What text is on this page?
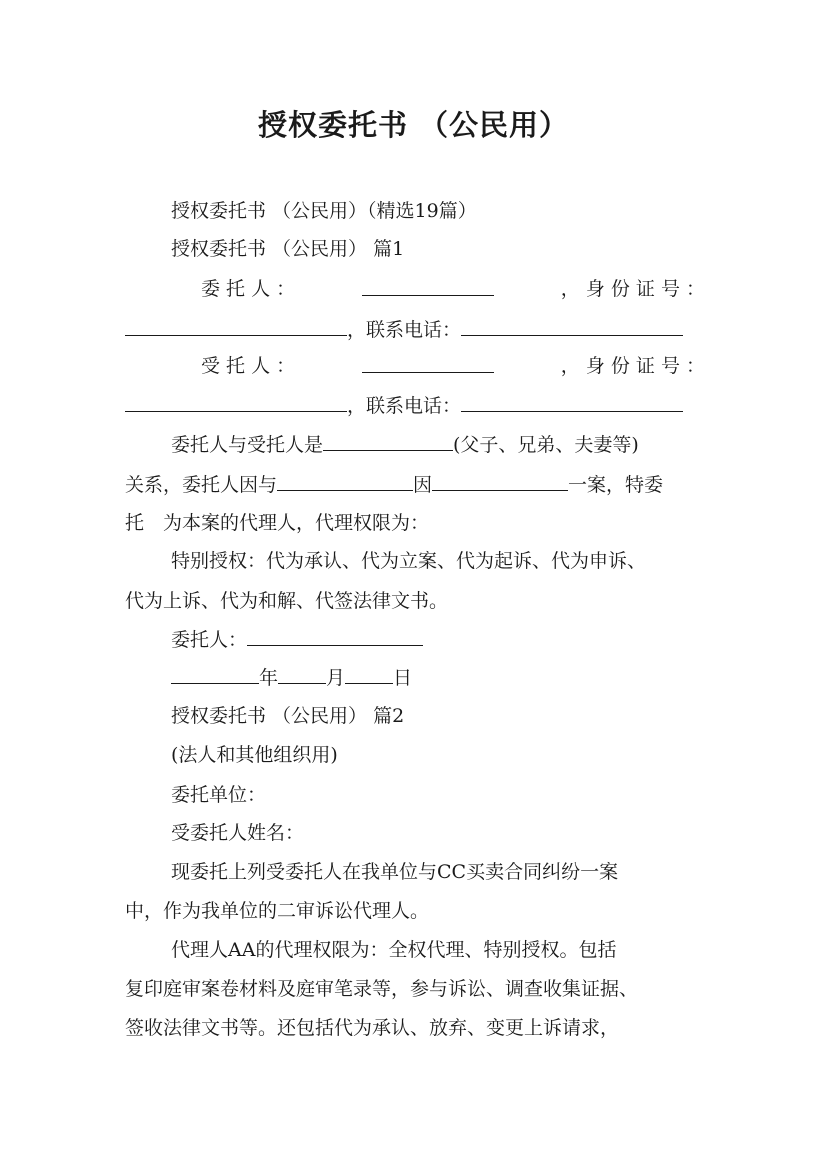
授权委托书 （公民用）
授权委托书 （公民用）（精选19篇）
授权委托书 （公民用） 篇1
委 托 人 ：	， 身 份 证 号 ：
，联系电话：
受 托 人 ：	， 身 份 证 号 ：
，联系电话：
委托人与受托人是	(父子、兄弟、夫妻等)
关系，委托人因与	因	一案，特委
托　为本案的代理人，代理权限为：
特别授权：代为承认、代为立案、代为起诉、代为申诉、
代为上诉、代为和解、代签法律文书。
委托人：
年	月	日
授权委托书 （公民用） 篇2
(法人和其他组织用)
委托单位：
受委托人姓名：
现委托上列受委托人在我单位与CC买卖合同纠纷一案
中，作为我单位的二审诉讼代理人。
代理人AA的代理权限为：全权代理、特别授权。包括
复印庭审案卷材料及庭审笔录等，参与诉讼、调查收集证据、
签收法律文书等。还包括代为承认、放弃、变更上诉请求，
